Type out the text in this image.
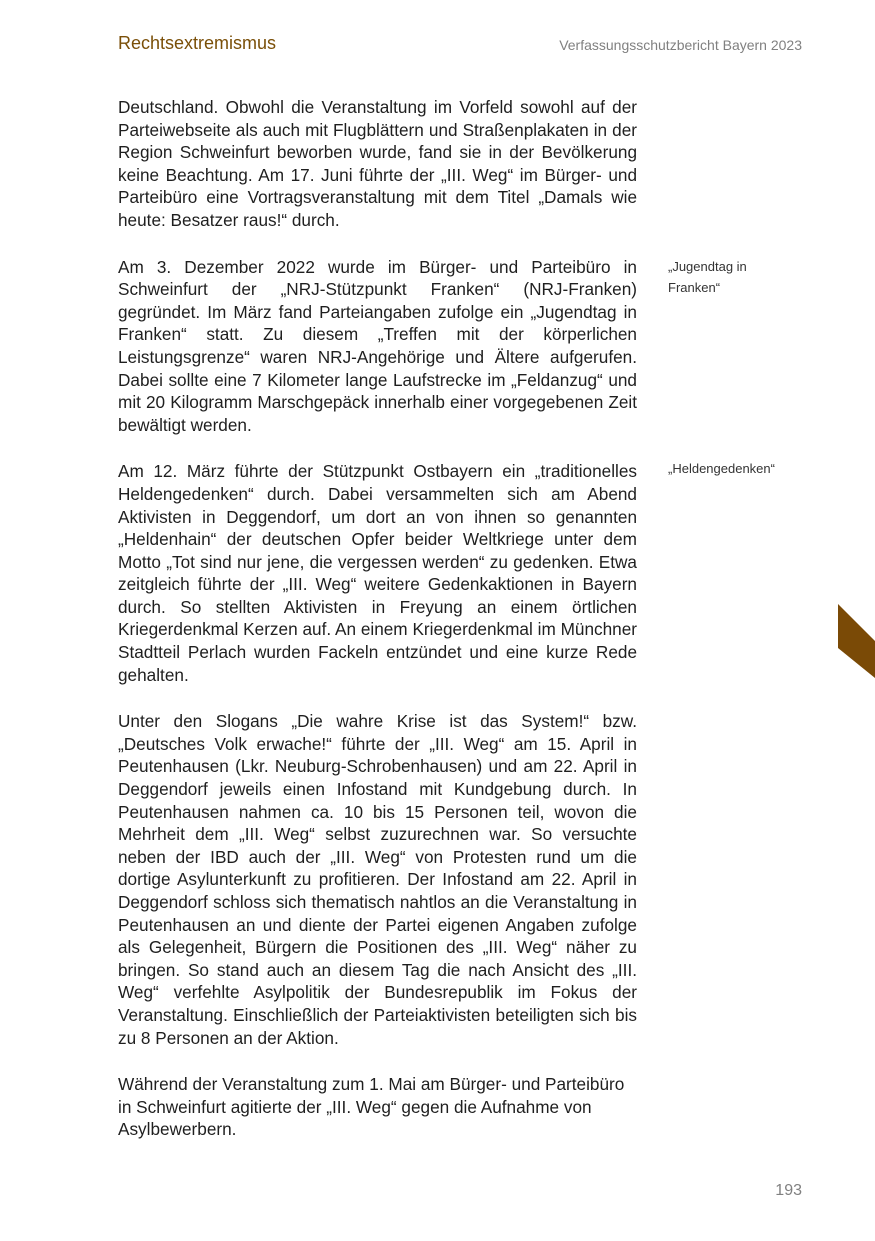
Rechtsextremismus	Verfassungsschutzbericht Bayern 2023

Deutschland. Obwohl die Veranstaltung im Vorfeld sowohl auf der Parteiwebseite als auch mit Flugblättern und Straßenplakaten in der Region Schweinfurt beworben wurde, fand sie in der Bevölkerung keine Beachtung. Am 17. Juni führte der „III. Weg“ im Bürger- und Parteibüro eine Vortragsveranstaltung mit dem Titel „Damals wie heute: Besatzer raus!“ durch.

Am 3. Dezember 2022 wurde im Bürger- und Parteibüro in Schweinfurt der „NRJ-Stützpunkt Franken“ (NRJ-Franken) gegründet. Im März fand Parteiangaben zufolge ein „Jugendtag in Franken“ statt. Zu diesem „Treffen mit der körperlichen Leistungsgrenze“ waren NRJ-Angehörige und Ältere aufgerufen. Dabei sollte eine 7 Kilometer lange Laufstrecke im „Feldanzug“ und mit 20 Kilogramm Marschgepäck innerhalb einer vorgegebenen Zeit bewältigt werden.

Am 12. März führte der Stützpunkt Ostbayern ein „traditionelles Heldengedenken“ durch. Dabei versammelten sich am Abend Aktivisten in Deggendorf, um dort an von ihnen so genannten „Heldenhain“ der deutschen Opfer beider Weltkriege unter dem Motto „Tot sind nur jene, die vergessen werden“ zu gedenken. Etwa zeitgleich führte der „III. Weg“ weitere Gedenkaktionen in Bayern durch. So stellten Aktivisten in Freyung an einem örtlichen Kriegerdenkmal Kerzen auf. An einem Kriegerdenkmal im Münchner Stadtteil Perlach wurden Fackeln entzündet und eine kurze Rede gehalten.

Unter den Slogans „Die wahre Krise ist das System!“ bzw. „Deutsches Volk erwache!“ führte der „III. Weg“ am 15. April in Peutenhausen (Lkr. Neuburg-Schrobenhausen) und am 22. April in Deggendorf jeweils einen Infostand mit Kundgebung durch. In Peutenhausen nahmen ca. 10 bis 15 Personen teil, wovon die Mehrheit dem „III. Weg“ selbst zuzurechnen war. So versuchte neben der IBD auch der „III. Weg“ von Protesten rund um die dortige Asylunterkunft zu profitieren. Der Infostand am 22. April in Deggendorf schloss sich thematisch nahtlos an die Veranstaltung in Peutenhausen an und diente der Partei eigenen Angaben zufolge als Gelegenheit, Bürgern die Positionen des „III. Weg“ näher zu bringen. So stand auch an diesem Tag die nach Ansicht des „III. Weg“ verfehlte Asylpolitik der Bundesrepublik im Fokus der Veranstaltung. Einschließlich der Parteiaktivisten beteiligten sich bis zu 8 Personen an der Aktion.

Während der Veranstaltung zum 1. Mai am Bürger- und Parteibüro in Schweinfurt agitierte der „III. Weg“ gegen die Aufnahme von Asylbewerbern.

„Jugendtag in Franken“
„Heldengedenken“
193
